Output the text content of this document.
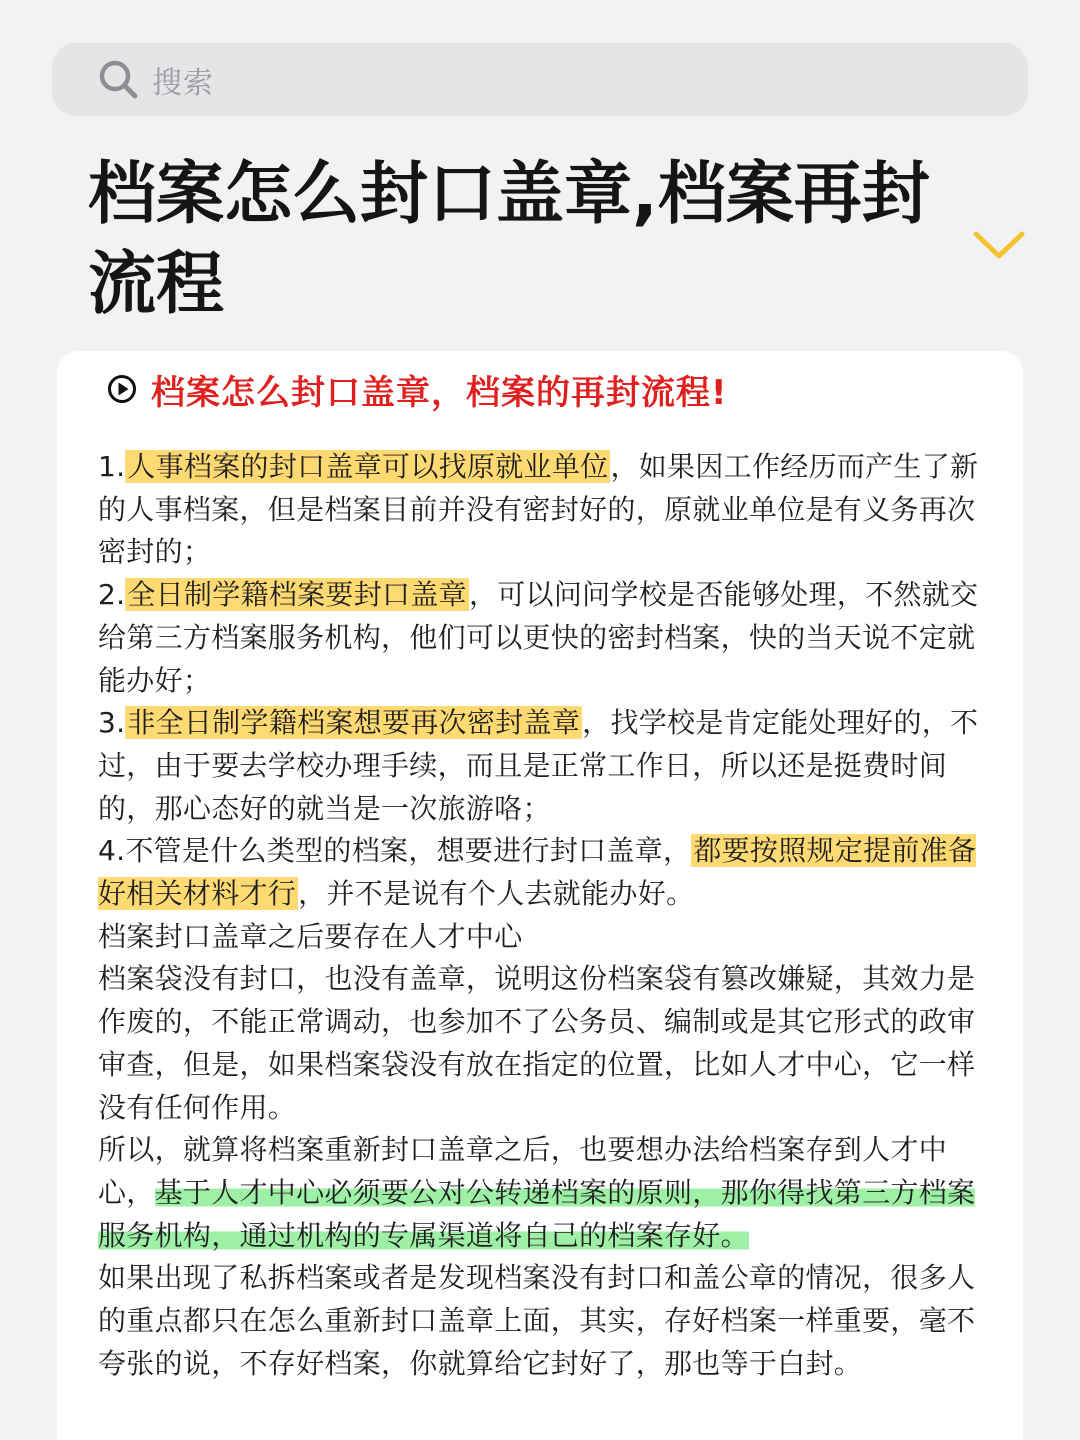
搜索
档案怎么封口盖章,档案再封流程
档案怎么封口盖章，档案的再封流程!

1.人事档案的封口盖章可以找原就业单位，如果因工作经历而产生了新的人事档案，但是档案目前并没有密封好的，原就业单位是有义务再次密封的；

2.全日制学籍档案要封口盖章，可以问问学校是否能够处理，不然就交给第三方档案服务机构，他们可以更快的密封档案，快的当天说不定就能办好；

3.非全日制学籍档案想要再次密封盖章，找学校是肯定能处理好的，不过，由于要去学校办理手续，而且是正常工作日，所以还是挺费时间的，那心态好的就当是一次旅游咯；

4.不管是什么类型的档案，想要进行封口盖章，都要按照规定提前准备好相关材料才行，并不是说有个人去就能办好。

档案封口盖章之后要存在人才中心

档案袋没有封口，也没有盖章，说明这份档案袋有篡改嫌疑，其效力是作废的，不能正常调动，也参加不了公务员、编制或是其它形式的政审审查，但是，如果档案袋没有放在指定的位置，比如人才中心，它一样没有任何作用。

所以，就算将档案重新封口盖章之后，也要想办法给档案存到人才中心，基于人才中心必须要公对公转递档案的原则，那你得找第三方档案服务机构，通过机构的专属渠道将自己的档案存好。

如果出现了私拆档案或者是发现档案没有封口和盖公章的情况，很多人的重点都只在怎么重新封口盖章上面，其实，存好档案一样重要，毫不夸张的说，不存好档案，你就算给它封好了，那也等于白封。
